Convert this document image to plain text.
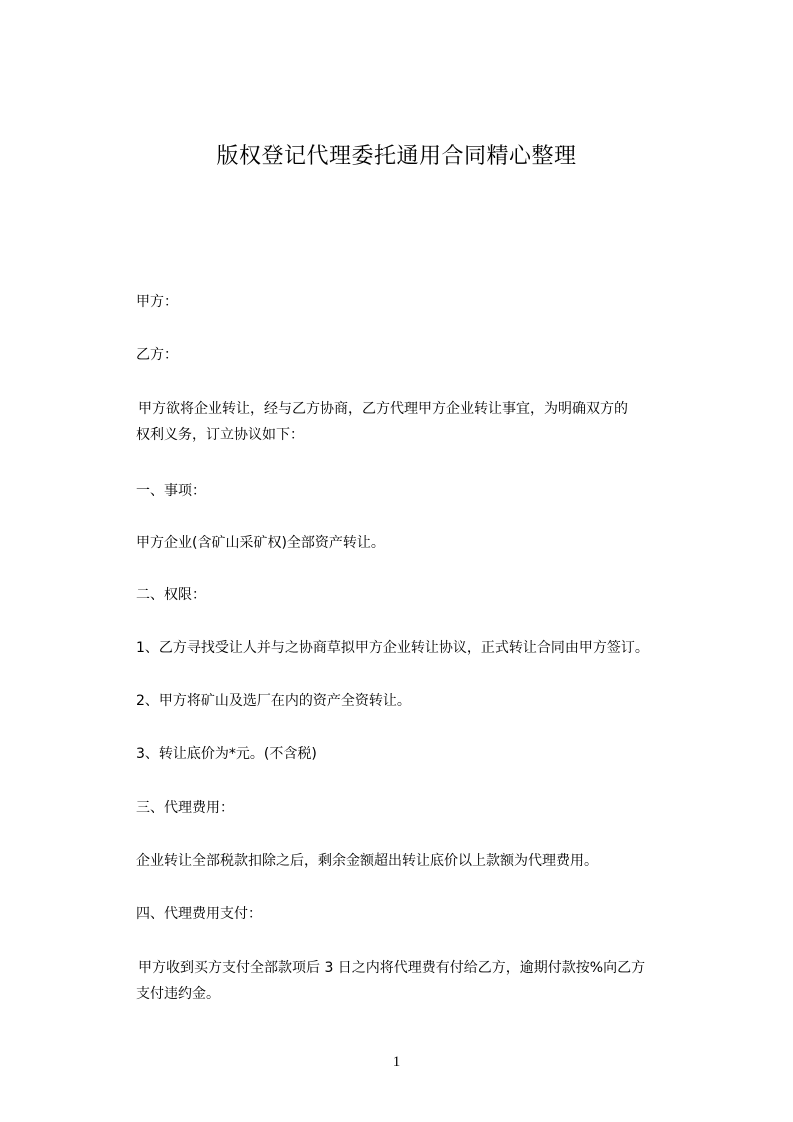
版权登记代理委托通用合同精心整理

甲方：

乙方：

甲方欲将企业转让，经与乙方协商，乙方代理甲方企业转让事宜，为明确双方的
权利义务，订立协议如下：

一、事项：

甲方企业(含矿山采矿权)全部资产转让。

二、权限：

1、乙方寻找受让人并与之协商草拟甲方企业转让协议，正式转让合同由甲方签订。

2、甲方将矿山及选厂在内的资产全资转让。

3、转让底价为*元。(不含税)

三、代理费用：

企业转让全部税款扣除之后，剩余金额超出转让底价以上款额为代理费用。

四、代理费用支付：

甲方收到买方支付全部款项后 3 日之内将代理费有付给乙方，逾期付款按%向乙方
支付违约金。

1
